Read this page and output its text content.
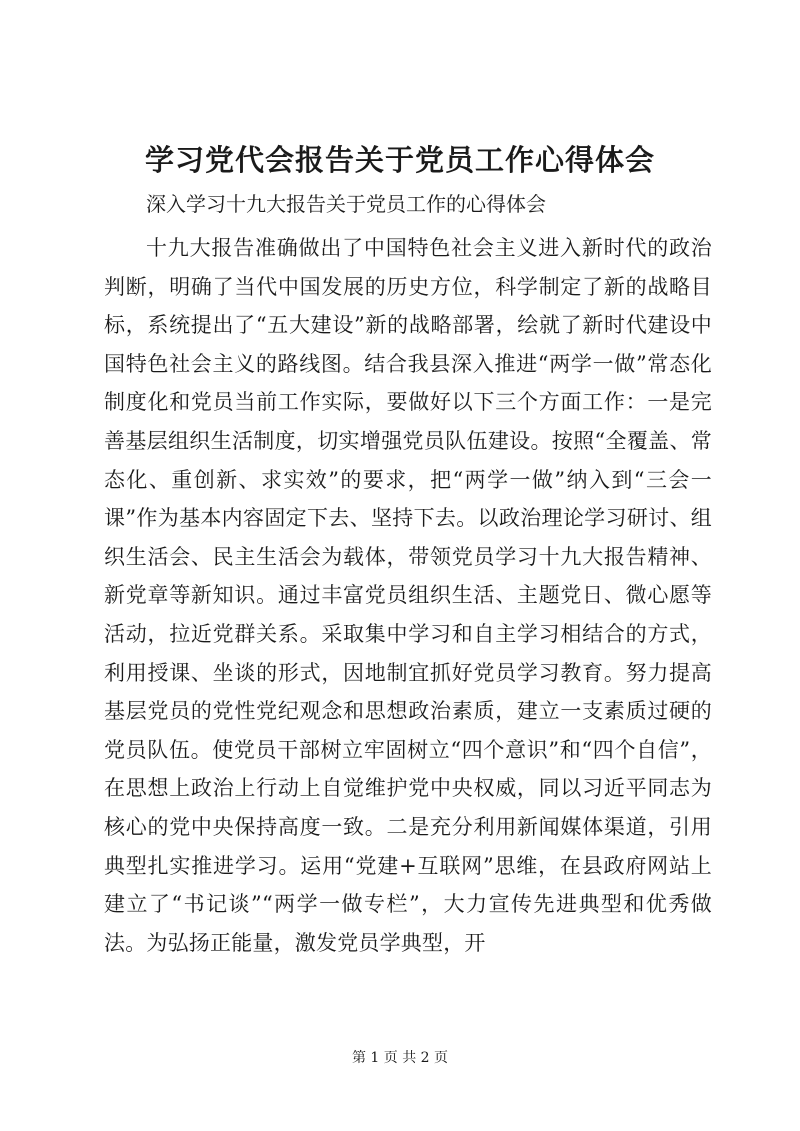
学习党代会报告关于党员工作心得体会

深入学习十九大报告关于党员工作的心得体会

十九大报告准确做出了中国特色社会主义进入新时代的政治判断，明确了当代中国发展的历史方位，科学制定了新的战略目标，系统提出了“五大建设”新的战略部署，绘就了新时代建设中国特色社会主义的路线图。结合我县深入推进“两学一做”常态化制度化和党员当前工作实际，要做好以下三个方面工作：一是完善基层组织生活制度，切实增强党员队伍建设。按照“全覆盖、常态化、重创新、求实效”的要求，把“两学一做”纳入到“三会一课”作为基本内容固定下去、坚持下去。以政治理论学习研讨、组织生活会、民主生活会为载体，带领党员学习十九大报告精神、新党章等新知识。通过丰富党员组织生活、主题党日、微心愿等活动，拉近党群关系。采取集中学习和自主学习相结合的方式，利用授课、坐谈的形式，因地制宜抓好党员学习教育。努力提高基层党员的党性党纪观念和思想政治素质，建立一支素质过硬的党员队伍。使党员干部树立牢固树立“四个意识”和“四个自信”，在思想上政治上行动上自觉维护党中央权威，同以习近平同志为核心的党中央保持高度一致。二是充分利用新闻媒体渠道，引用典型扎实推进学习。运用“党建+互联网”思维，在县政府网站上建立了“书记谈”“两学一做专栏”，大力宣传先进典型和优秀做法。为弘扬正能量，激发党员学典型，开

第 1 页 共 2 页
